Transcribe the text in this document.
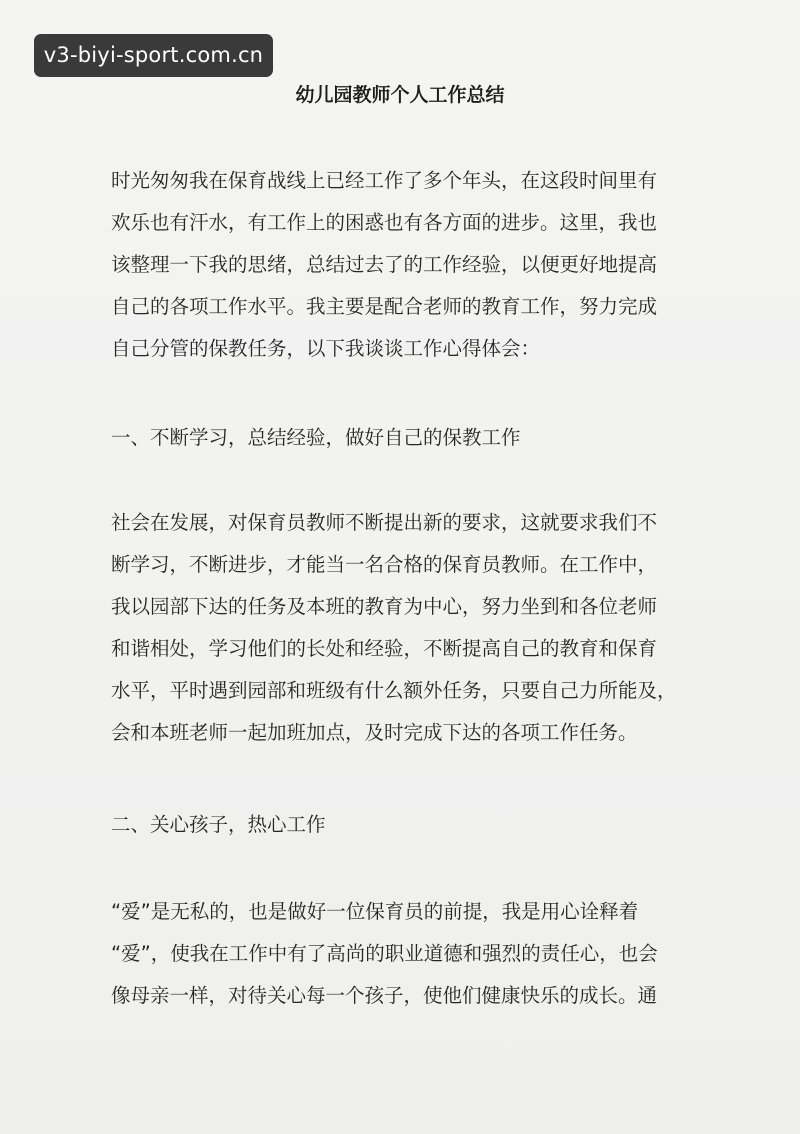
v3-biyi-sport.com.cn
幼儿园教师个人工作总结
时光匆匆我在保育战线上已经工作了多个年头，在这段时间里有
欢乐也有汗水，有工作上的困惑也有各方面的进步。这里，我也
该整理一下我的思绪，总结过去了的工作经验，以便更好地提高
自己的各项工作水平。我主要是配合老师的教育工作，努力完成
自己分管的保教任务，以下我谈谈工作心得体会：
一、不断学习，总结经验，做好自己的保教工作
社会在发展，对保育员教师不断提出新的要求，这就要求我们不
断学习，不断进步，才能当一名合格的保育员教师。在工作中，
我以园部下达的任务及本班的教育为中心，努力坐到和各位老师
和谐相处，学习他们的长处和经验，不断提高自己的教育和保育
水平，平时遇到园部和班级有什么额外任务，只要自己力所能及，
会和本班老师一起加班加点，及时完成下达的各项工作任务。
二、关心孩子，热心工作
“爱”是无私的，也是做好一位保育员的前提，我是用心诠释着
“爱”，使我在工作中有了高尚的职业道德和强烈的责任心，也会
像母亲一样，对待关心每一个孩子，使他们健康快乐的成长。通
